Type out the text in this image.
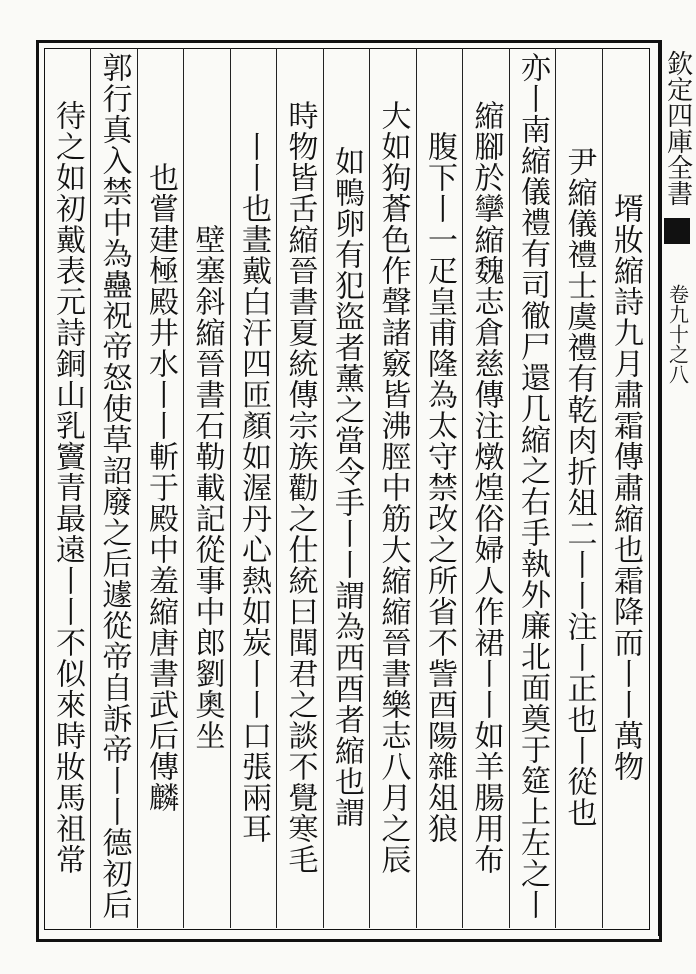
欽定四庫全書
卷九十之八
壻妝縮詩九月肅霜傳肅縮也霜降而丨丨萬物
尹縮儀禮士虞禮有乾肉折俎二丨丨注丨正也丨從也
亦丨南縮儀禮有司徹尸還几縮之右手執外廉北面奠于筵上左之丨
縮腳於攣縮魏志倉慈傳注燉煌俗婦人作裙丨丨如羊腸用布
腹下丨一疋皇甫隆為太守禁改之所省不訾酉陽雜俎狼
大如狗蒼色作聲諸竅皆沸脛中筋大縮縮晉書樂志八月之辰
如鴨卵有犯盜者薰之當令手丨丨謂為西酉者縮也謂
時物皆舌縮晉書夏統傳宗族勸之仕統曰聞君之談不覺寒毛
丨丨也晝戴白汗四匝顏如渥丹心熱如炭丨丨口張兩耳
壁塞斜縮晉書石勒載記從事中郎劉奧坐
也嘗建極殿井水丨丨斬于殿中羞縮唐書武后傳麟
郭行真入禁中為蠱祝帝怒使草詔廢之后遽從帝自訴帝丨丨德初后
待之如初戴表元詩銅山乳竇青最遠丨丨不似來時妝馬祖常
